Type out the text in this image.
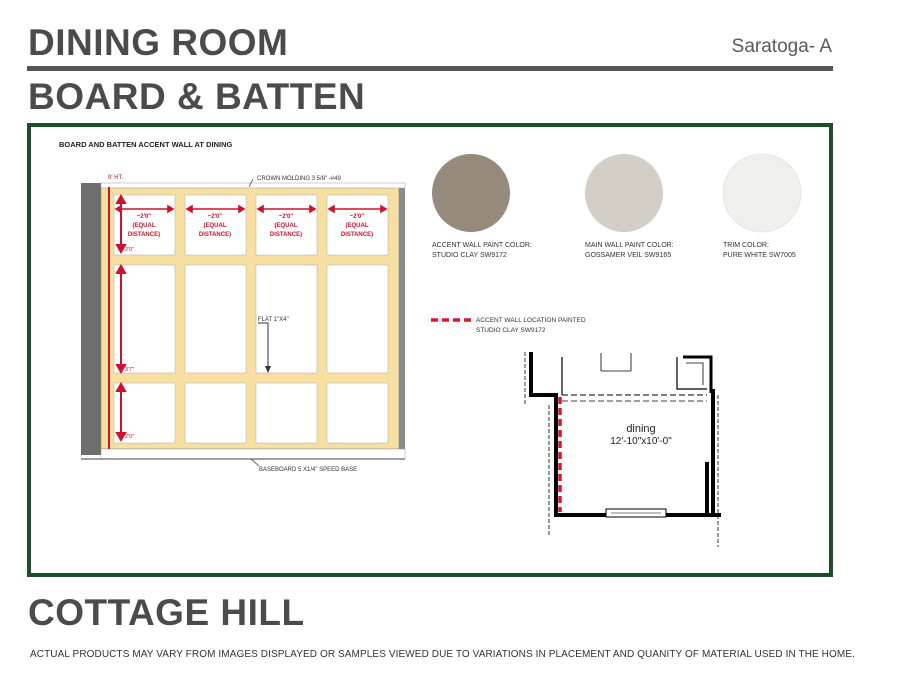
DINING ROOM	Saratoga- A
BOARD & BATTEN
BOARD AND BATTEN ACCENT WALL AT DINING
9' HT.
2'0"
3'7"
2'0"
~2'0"
(EQUAL
DISTANCE)
~2'0"
(EQUAL
DISTANCE)
~2'0"
(EQUAL
DISTANCE)
~2'0"
(EQUAL
DISTANCE)
CROWN MOLDING 3 5/8" -#49
FLAT 1"X4"
BASEBOARD 5 X1/4" SPEED BASE
ACCENT WALL LOCATION PAINTED
STUDIO CLAY SW9172
dining
12'-10"x10'-0"
ACCENT WALL PAINT COLOR:
STUDIO CLAY SW9172
MAIN WALL PAINT COLOR:
GOSSAMER VEIL SW9165
TRIM COLOR:
PURE WHITE SW7005
COTTAGE HILL
ACTUAL PRODUCTS MAY VARY FROM IMAGES DISPLAYED OR SAMPLES VIEWED DUE TO VARIATIONS IN PLACEMENT AND QUANITY OF MATERIAL USED IN THE HOME.
